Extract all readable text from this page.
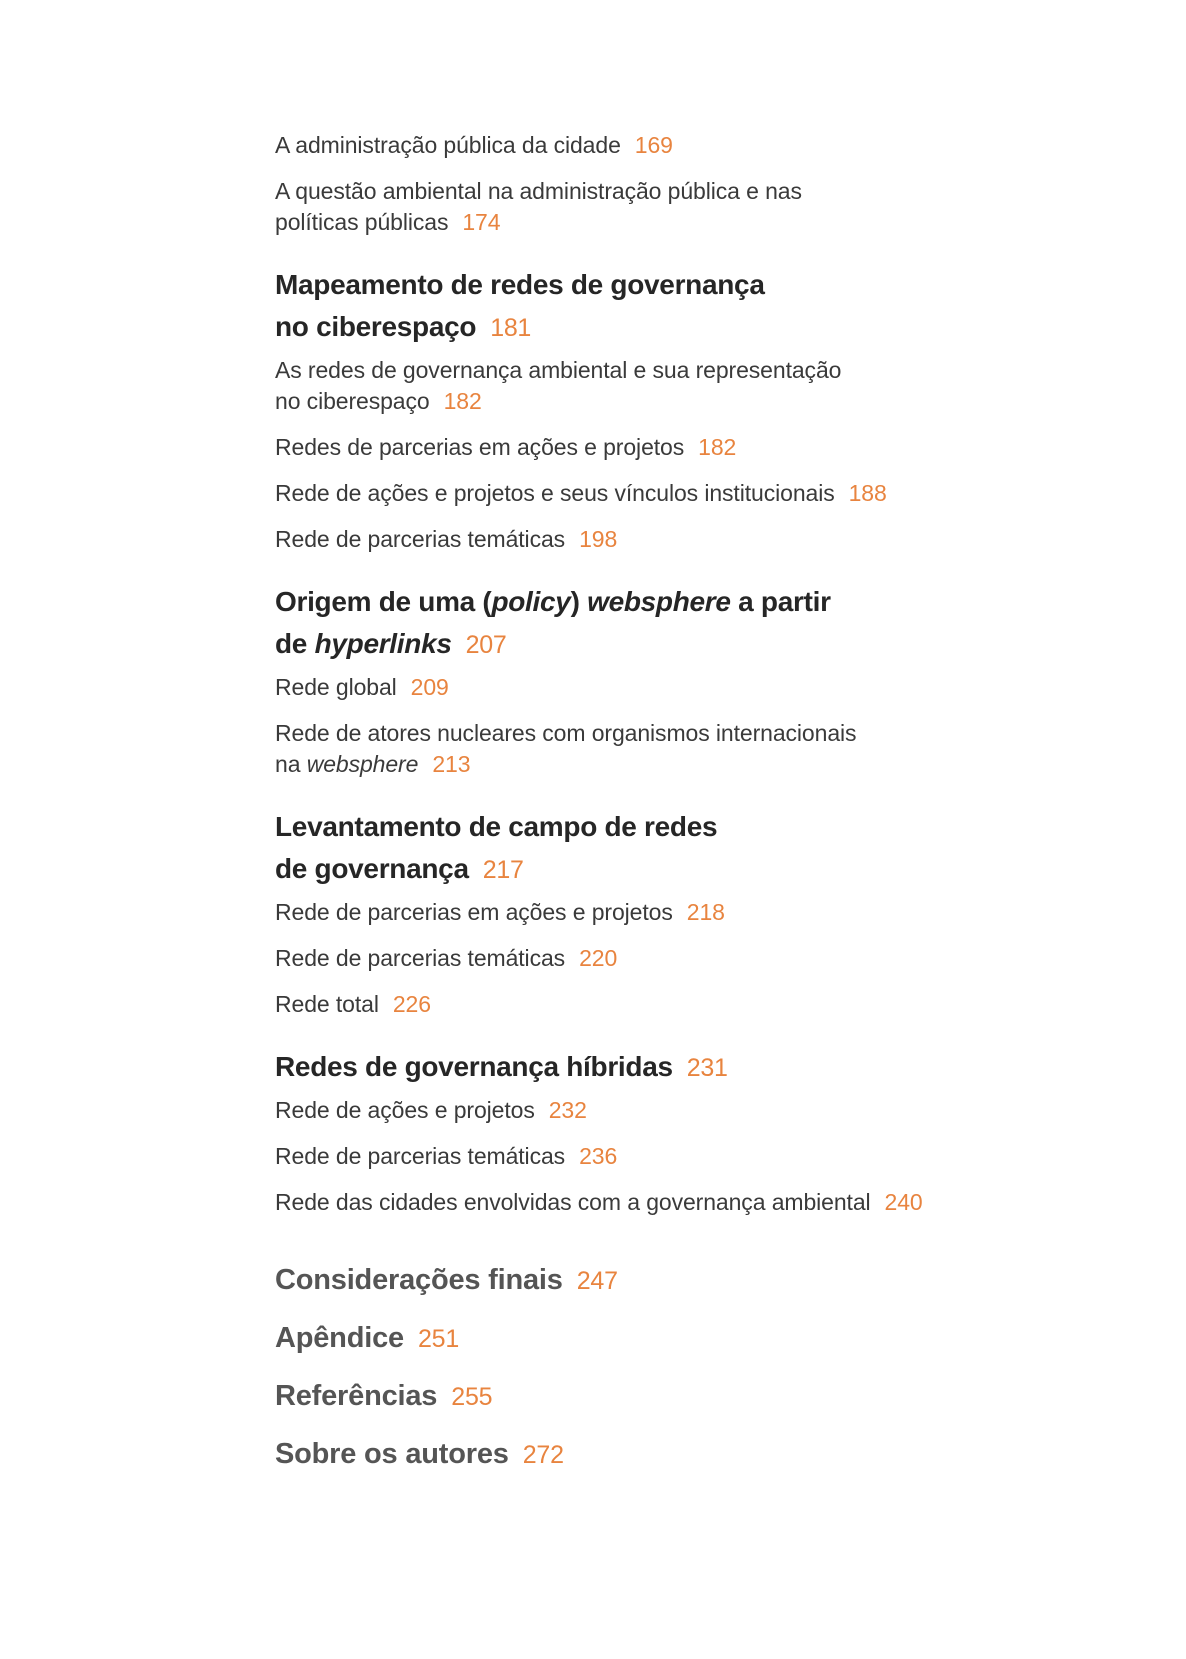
A administração pública da cidade 169

A questão ambiental na administração pública e nas
políticas públicas 174

Mapeamento de redes de governança
no ciberespaço 181

As redes de governança ambiental e sua representação
no ciberespaço 182

Redes de parcerias em ações e projetos 182

Rede de ações e projetos e seus vínculos institucionais 188

Rede de parcerias temáticas 198

Origem de uma (policy) websphere a partir
de hyperlinks 207

Rede global 209

Rede de atores nucleares com organismos internacionais
na websphere 213

Levantamento de campo de redes
de governança 217

Rede de parcerias em ações e projetos 218

Rede de parcerias temáticas 220

Rede total 226

Redes de governança híbridas 231

Rede de ações e projetos 232

Rede de parcerias temáticas 236

Rede das cidades envolvidas com a governança ambiental 240

Considerações finais 247

Apêndice 251

Referências 255

Sobre os autores 272
